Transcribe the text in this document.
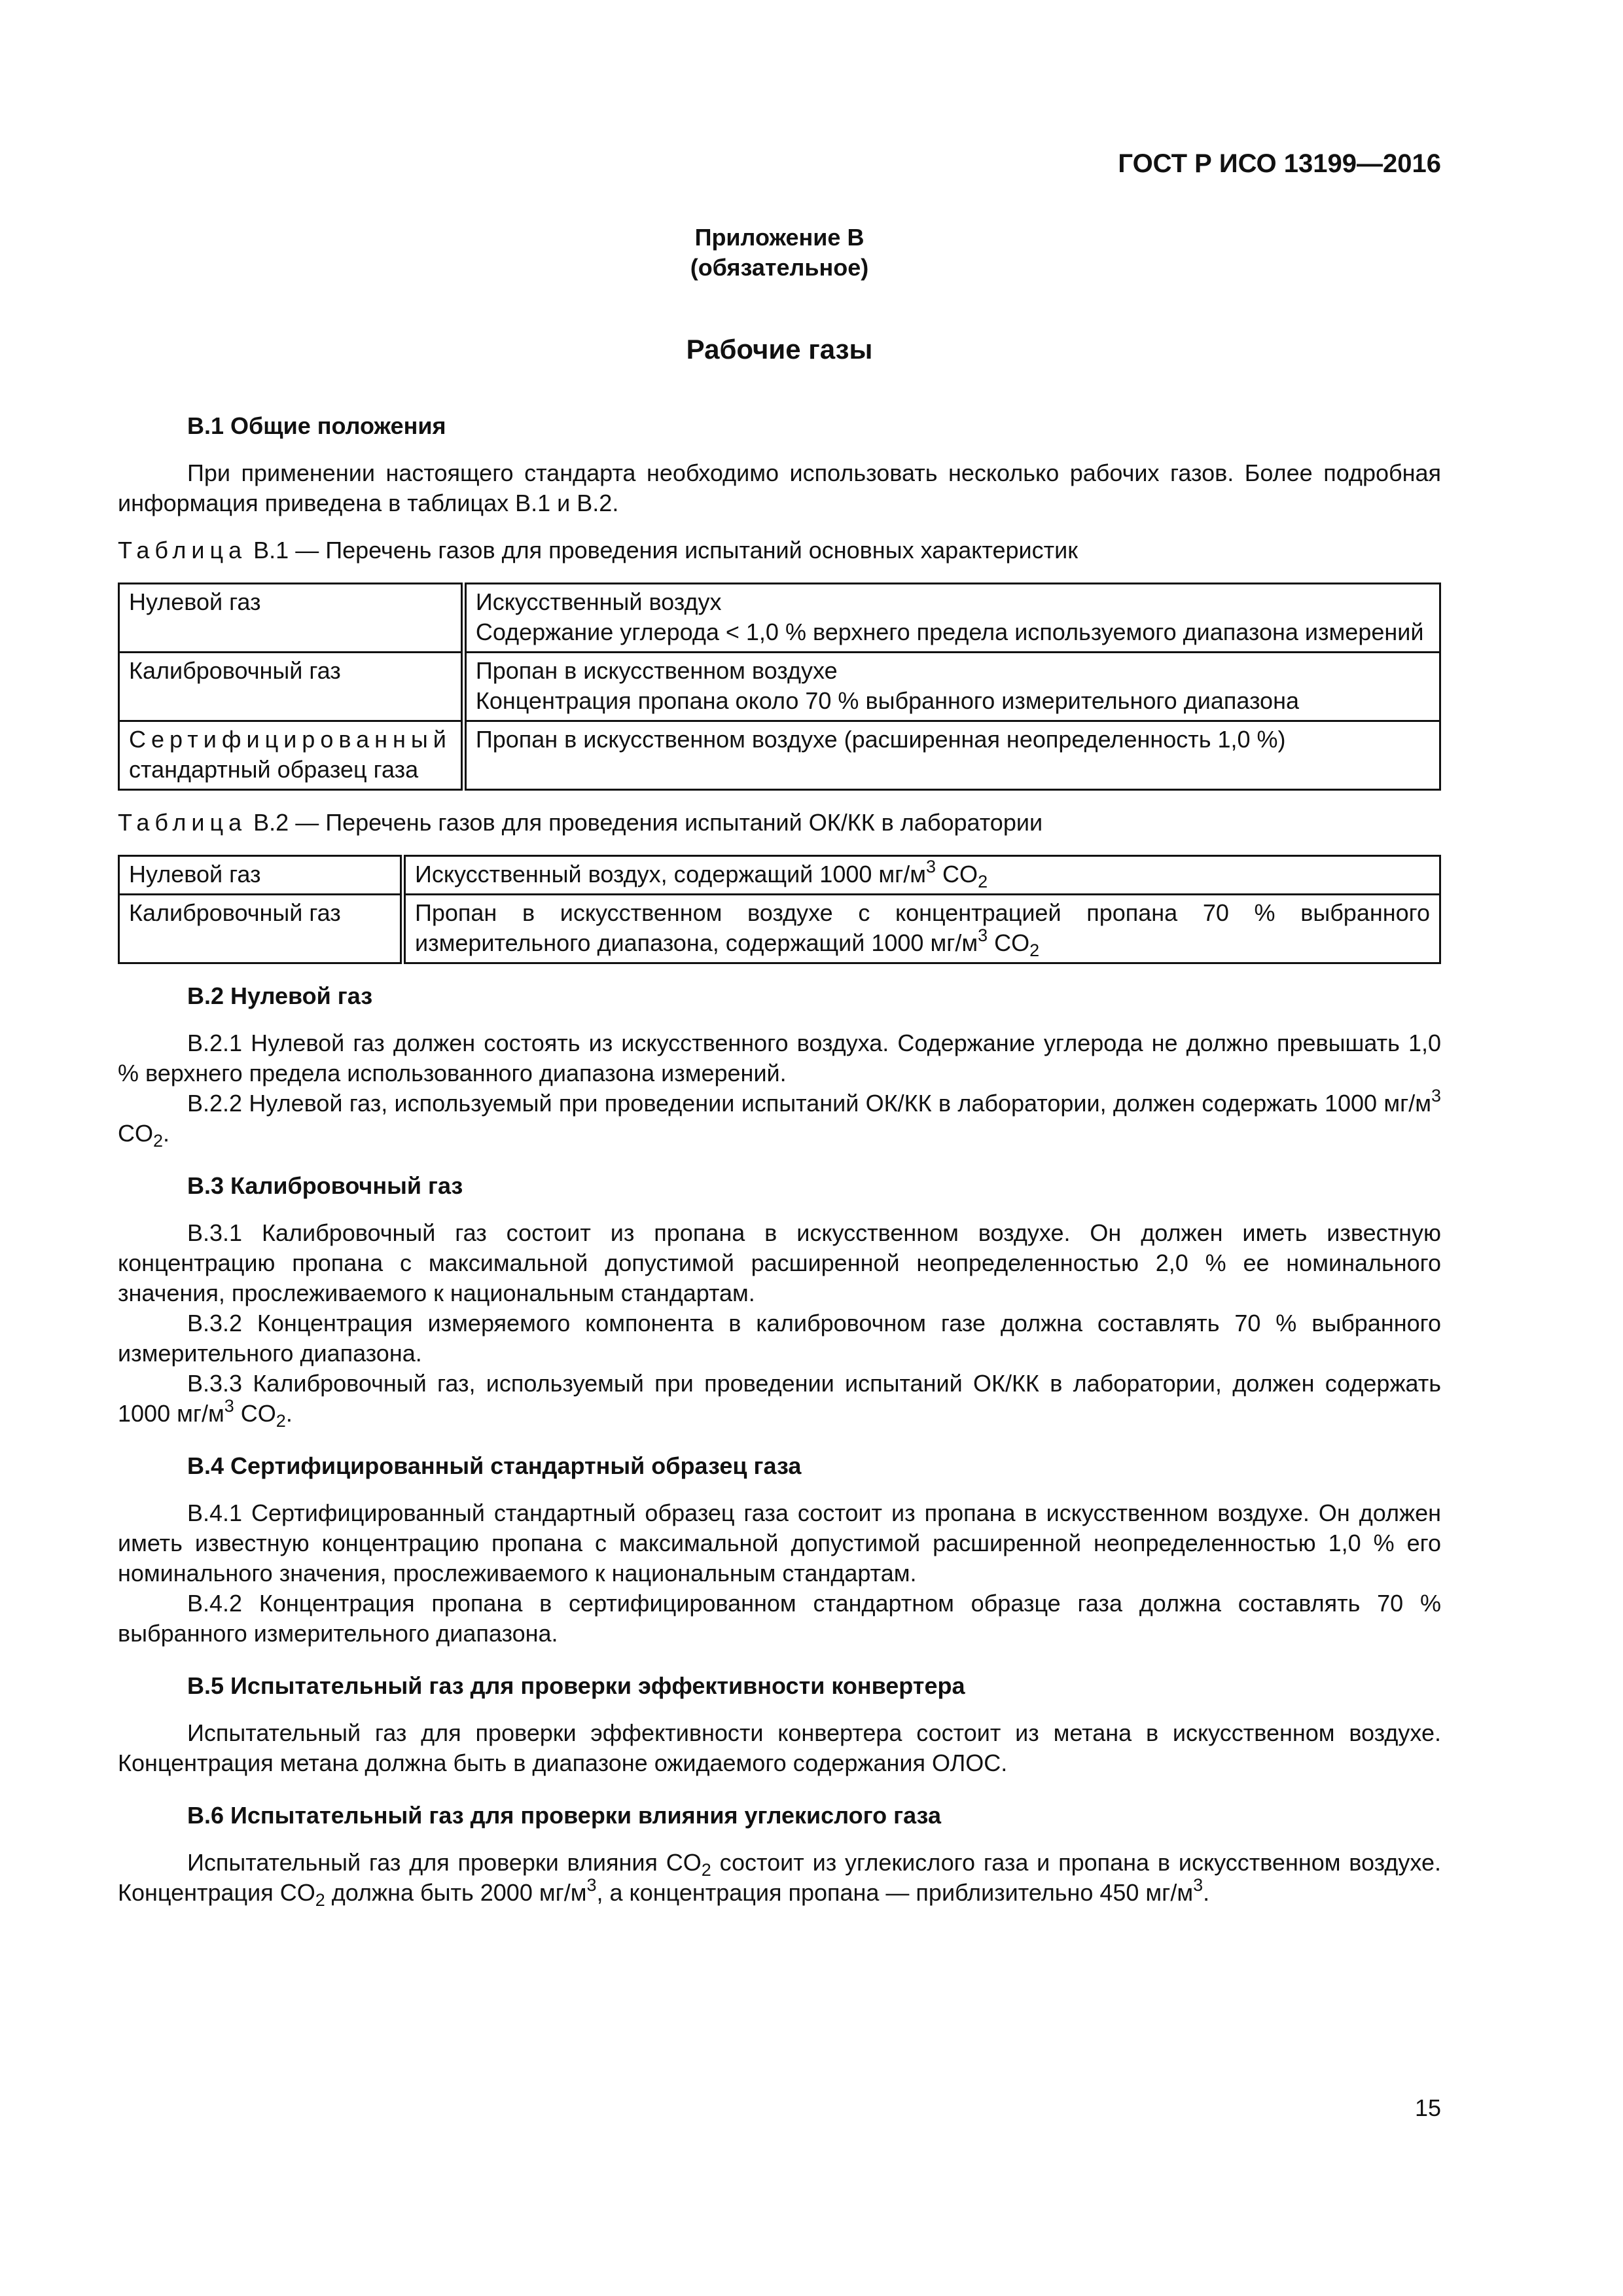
ГОСТ Р ИСО 13199—2016
Приложение В
(обязательное)
Рабочие газы
В.1 Общие положения

При применении настоящего стандарта необходимо использовать несколько рабочих газов. Более подробная информация приведена в таблицах В.1 и В.2.

Таблица В.1 — Перечень газов для проведения испытаний основных характеристик

Нулевой газ	Искусственный воздух
Содержание углерода < 1,0 % верхнего предела используемого диапазона измерений

Калибровочный газ	Пропан в искусственном воздухе
Концентрация пропана около 70 % выбранного измерительного диапазона

Сертифицированный
стандартный образец газа	Пропан в искусственном воздухе (расширенная неопределенность 1,0 %)

Таблица В.2 — Перечень газов для проведения испытаний ОК/КК в лаборатории

Нулевой газ	Искусственный воздух, содержащий 1000 $мг/м^3$ $CO_2$
Калибровочный газ	Пропан в искусственном воздухе с концентрацией пропана 70 % выбранного измерительного диапазона, содержащий 1000 $мг/м^3$ $CO_2$
В.2 Нулевой газ

В.2.1 Нулевой газ должен состоять из искусственного воздуха. Содержание углерода не должно превышать 1,0 % верхнего предела использованного диапазона измерений.

В.2.2 Нулевой газ, используемый при проведении испытаний ОК/КК в лаборатории, должен содержать 1000 $мг/м^3$ $CO_2$.

В.3 Калибровочный газ

В.3.1 Калибровочный газ состоит из пропана в искусственном воздухе. Он должен иметь известную концентрацию пропана с максимальной допустимой расширенной неопределенностью 2,0 % ее номинального значения, прослеживаемого к национальным стандартам.

В.3.2 Концентрация измеряемого компонента в калибровочном газе должна составлять 70 % выбранного измерительного диапазона.

В.3.3 Калибровочный газ, используемый при проведении испытаний ОК/КК в лаборатории, должен содержать 1000 $мг/м^3$ $CO_2$.

В.4 Сертифицированный стандартный образец газа

В.4.1 Сертифицированный стандартный образец газа состоит из пропана в искусственном воздухе. Он должен иметь известную концентрацию пропана с максимальной допустимой расширенной неопределенностью 1,0 % его номинального значения, прослеживаемого к национальным стандартам.

В.4.2 Концентрация пропана в сертифицированном стандартном образце газа должна составлять 70 % выбранного измерительного диапазона.

В.5 Испытательный газ для проверки эффективности конвертера

Испытательный газ для проверки эффективности конвертера состоит из метана в искусственном воздухе. Концентрация метана должна быть в диапазоне ожидаемого содержания ОЛОС.

В.6 Испытательный газ для проверки влияния углекислого газа

Испытательный газ для проверки влияния $CO_2$ состоит из углекислого газа и пропана в искусственном воздухе. Концентрация $CO_2$ должна быть 2000 $мг/м^3$, а концентрация пропана — приблизительно 450 $мг/м^3$.

15
